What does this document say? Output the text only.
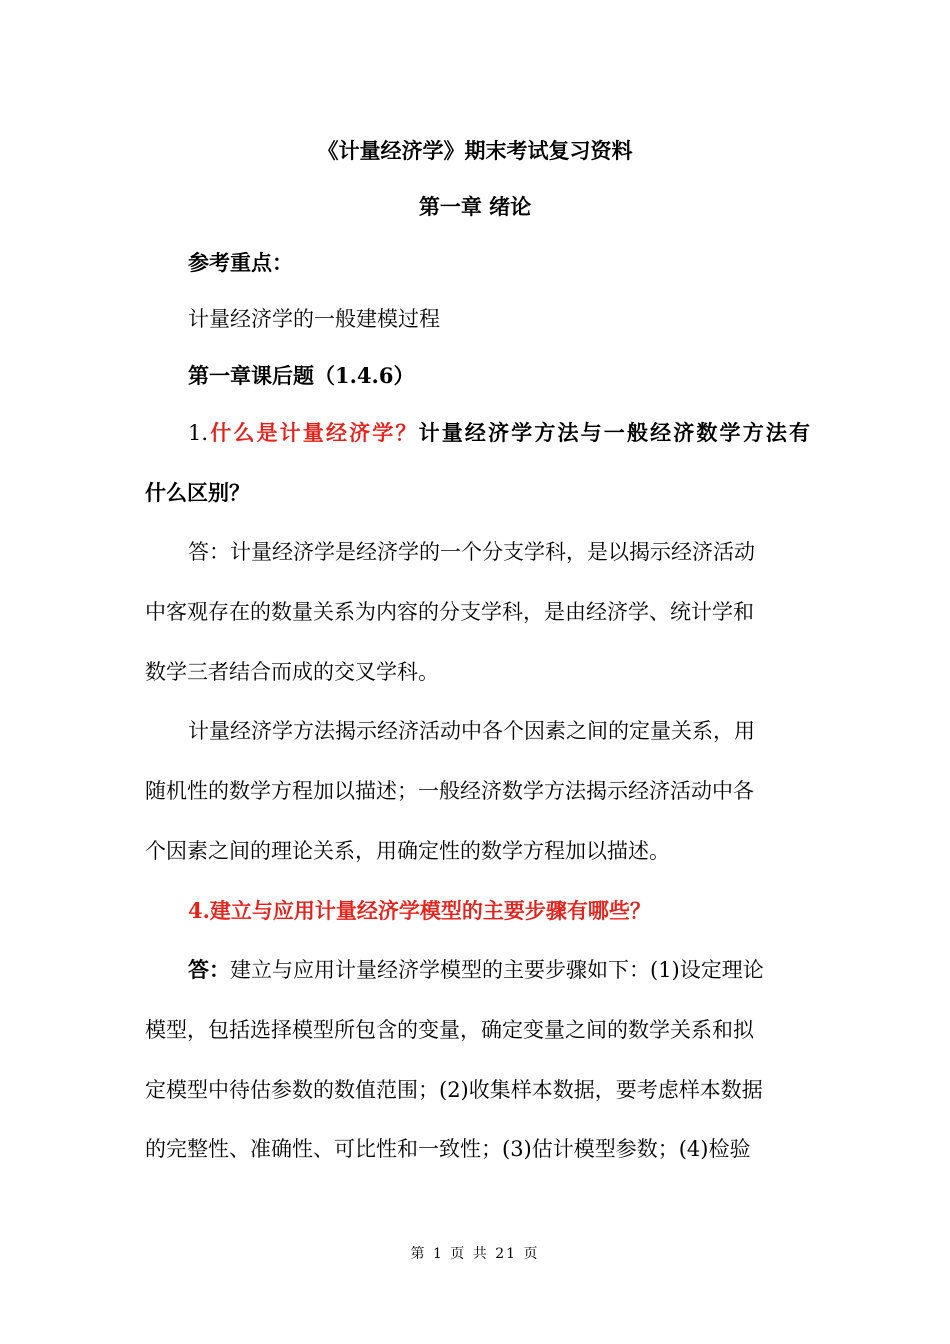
《计量经济学》期末考试复习资料
第一章 绪论
参考重点：
计量经济学的一般建模过程
第一章课后题（1.4.6）
1.什么是计量经济学？计量经济学方法与一般经济数学方法有
什么区别？
答：计量经济学是经济学的一个分支学科，是以揭示经济活动
中客观存在的数量关系为内容的分支学科，是由经济学、统计学和
数学三者结合而成的交叉学科。
计量经济学方法揭示经济活动中各个因素之间的定量关系，用
随机性的数学方程加以描述；一般经济数学方法揭示经济活动中各
个因素之间的理论关系，用确定性的数学方程加以描述。
4.建立与应用计量经济学模型的主要步骤有哪些？
答：建立与应用计量经济学模型的主要步骤如下：(1)设定理论
模型，包括选择模型所包含的变量，确定变量之间的数学关系和拟
定模型中待估参数的数值范围；(2)收集样本数据，要考虑样本数据
的完整性、准确性、可比性和一致性；(3)估计模型参数；(4)检验
第 1 页 共 21 页
